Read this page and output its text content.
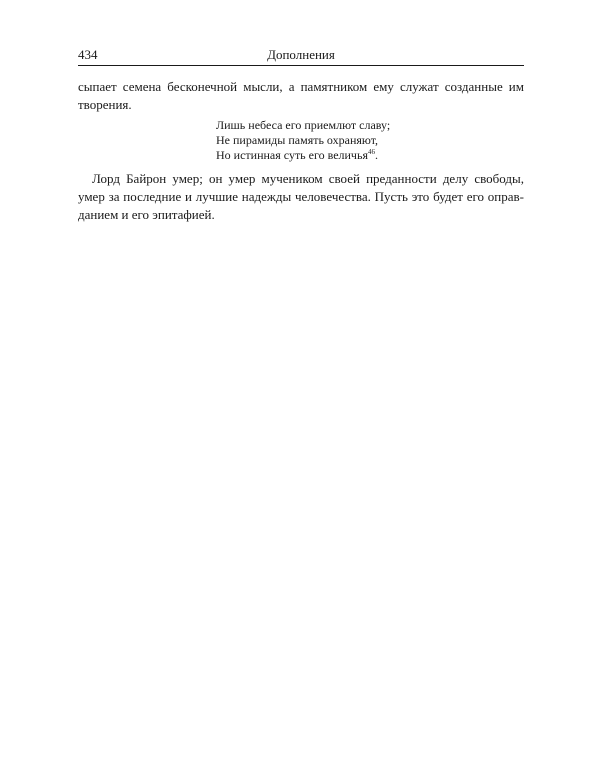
434	Дополнения
сыпает семена бесконечной мысли, а памятником ему служат созданные им
творения.
Лишь небеса его приемлют славу;
Не пирамиды память охраняют,
Но истинная суть его величья$^{46}$.
Лорд Байрон умер; он умер мучеником своей преданности делу свободы,
умер за последние и лучшие надежды человечества. Пусть это будет его оправ-
данием и его эпитафией.
